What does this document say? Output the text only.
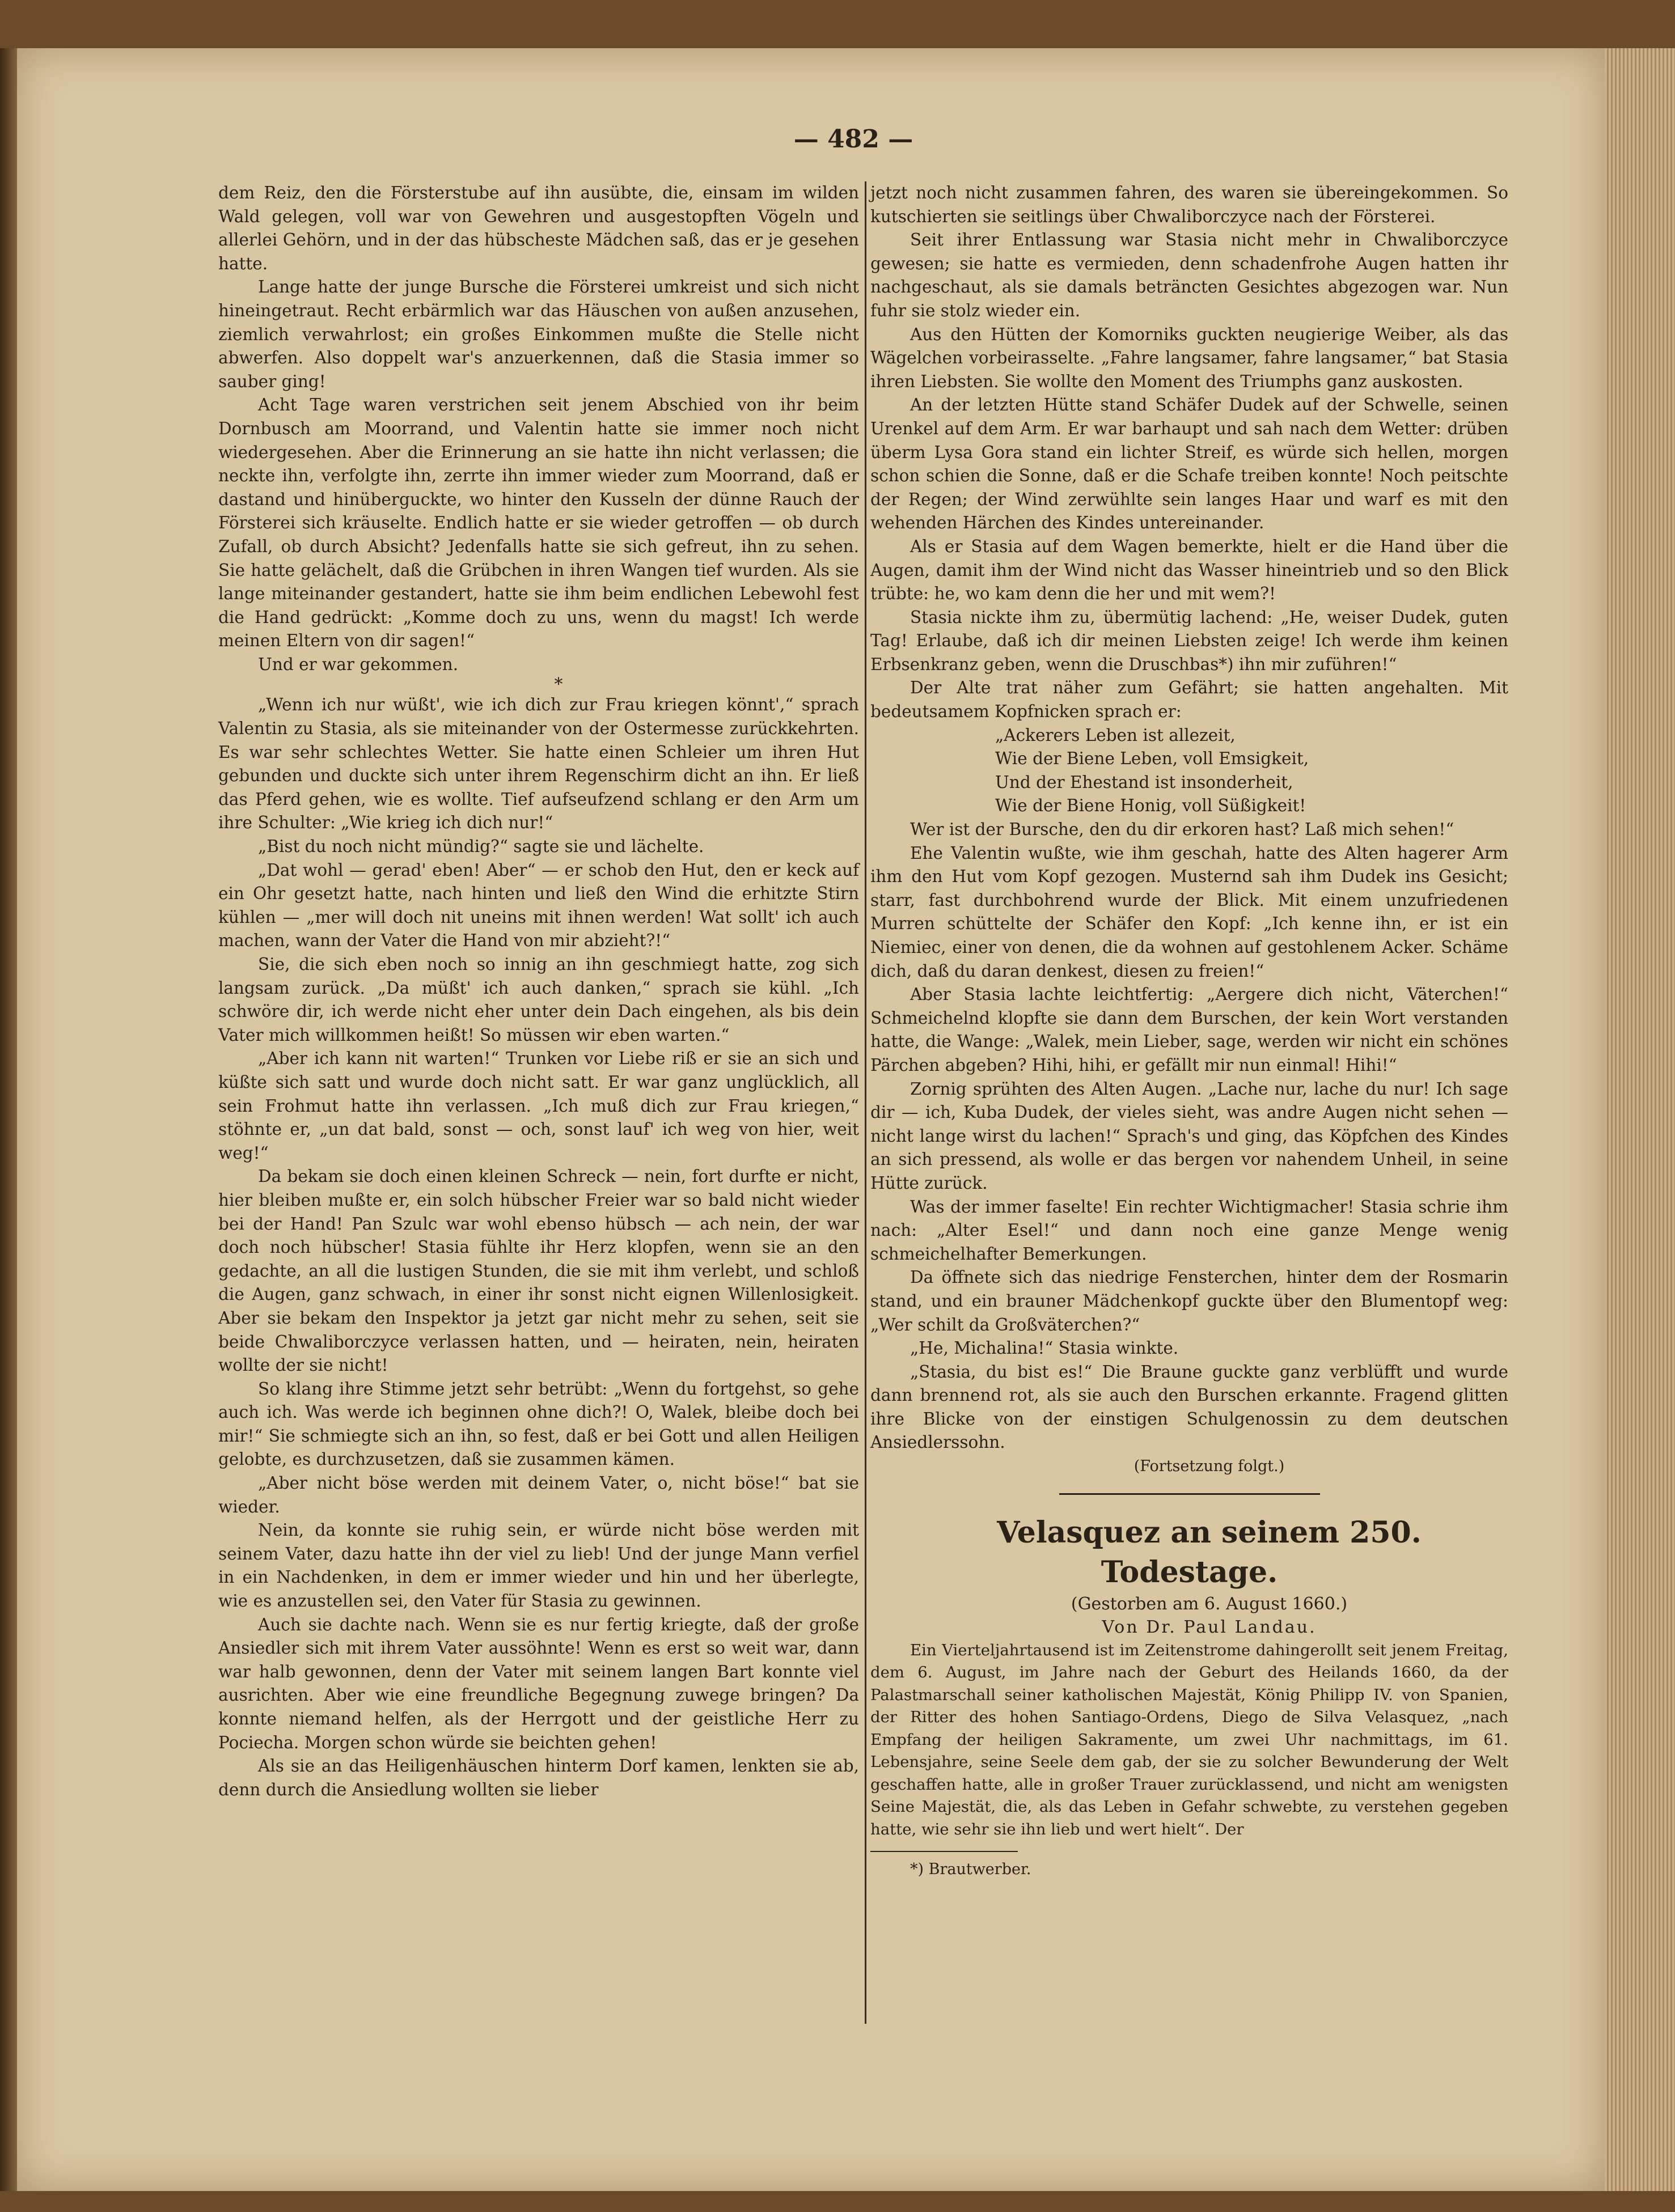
— 482 —

dem Reiz, den die Försterstube auf ihn ausübte, die, einsam im wilden Wald gelegen, voll war von Gewehren und ausgestopften Vögeln und allerlei Gehörn, und in der das hübscheste Mädchen saß, das er je gesehen hatte.

Lange hatte der junge Bursche die Försterei umkreist und sich nicht hineingetraut. Recht erbärmlich war das Häuschen von außen anzusehen, ziemlich verwahrlost; ein großes Einkommen mußte die Stelle nicht abwerfen. Also doppelt war's anzuerkennen, daß die Stasia immer so sauber ging!

Acht Tage waren verstrichen seit jenem Abschied von ihr beim Dornbusch am Moorrand, und Valentin hatte sie immer noch nicht wiedergesehen. Aber die Erinnerung an sie hatte ihn nicht verlassen; die neckte ihn, verfolgte ihn, zerrte ihn immer wieder zum Moorrand, daß er dastand und hinüberguckte, wo hinter den Kusseln der dünne Rauch der Försterei sich kräuselte. Endlich hatte er sie wieder getroffen — ob durch Zufall, ob durch Absicht? Jedenfalls hatte sie sich gefreut, ihn zu sehen. Sie hatte gelächelt, daß die Grübchen in ihren Wangen tief wurden. Als sie lange miteinander gestandert, hatte sie ihm beim endlichen Lebewohl fest die Hand gedrückt: „Komme doch zu uns, wenn du magst! Ich werde meinen Eltern von dir sagen!“

Und er war gekommen.

*

„Wenn ich nur wüßt', wie ich dich zur Frau kriegen könnt',“ sprach Valentin zu Stasia, als sie miteinander von der Ostermesse zurückkehrten. Es war sehr schlechtes Wetter. Sie hatte einen Schleier um ihren Hut gebunden und duckte sich unter ihrem Regenschirm dicht an ihn. Er ließ das Pferd gehen, wie es wollte. Tief aufseufzend schlang er den Arm um ihre Schulter: „Wie krieg ich dich nur!“

„Bist du noch nicht mündig?“ sagte sie und lächelte.

„Dat wohl — gerad' eben! Aber“ — er schob den Hut, den er keck auf ein Ohr gesetzt hatte, nach hinten und ließ den Wind die erhitzte Stirn kühlen — „mer will doch nit uneins mit ihnen werden! Wat sollt' ich auch machen, wann der Vater die Hand von mir abzieht?!“

Sie, die sich eben noch so innig an ihn geschmiegt hatte, zog sich langsam zurück. „Da müßt' ich auch danken,“ sprach sie kühl. „Ich schwöre dir, ich werde nicht eher unter dein Dach eingehen, als bis dein Vater mich willkommen heißt! So müssen wir eben warten.“

„Aber ich kann nit warten!“ Trunken vor Liebe riß er sie an sich und küßte sich satt und wurde doch nicht satt. Er war ganz unglücklich, all sein Frohmut hatte ihn verlassen. „Ich muß dich zur Frau kriegen,“ stöhnte er, „un dat bald, sonst — och, sonst lauf' ich weg von hier, weit weg!“

Da bekam sie doch einen kleinen Schreck — nein, fort durfte er nicht, hier bleiben mußte er, ein solch hübscher Freier war so bald nicht wieder bei der Hand! Pan Szulc war wohl ebenso hübsch — ach nein, der war doch noch hübscher! Stasia fühlte ihr Herz klopfen, wenn sie an den gedachte, an all die lustigen Stunden, die sie mit ihm verlebt, und schloß die Augen, ganz schwach, in einer ihr sonst nicht eignen Willenlosigkeit. Aber sie bekam den Inspektor ja jetzt gar nicht mehr zu sehen, seit sie beide Chwaliborczyce verlassen hatten, und — heiraten, nein, heiraten wollte der sie nicht!

So klang ihre Stimme jetzt sehr betrübt: „Wenn du fortgehst, so gehe auch ich. Was werde ich beginnen ohne dich?! O, Walek, bleibe doch bei mir!“ Sie schmiegte sich an ihn, so fest, daß er bei Gott und allen Heiligen gelobte, es durchzusetzen, daß sie zusammen kämen.

„Aber nicht böse werden mit deinem Vater, o, nicht böse!“ bat sie wieder.

Nein, da konnte sie ruhig sein, er würde nicht böse werden mit seinem Vater, dazu hatte ihn der viel zu lieb! Und der junge Mann verfiel in ein Nachdenken, in dem er immer wieder und hin und her überlegte, wie es anzustellen sei, den Vater für Stasia zu gewinnen.

Auch sie dachte nach. Wenn sie es nur fertig kriegte, daß der große Ansiedler sich mit ihrem Vater aussöhnte! Wenn es erst so weit war, dann war halb gewonnen, denn der Vater mit seinem langen Bart konnte viel ausrichten. Aber wie eine freundliche Begegnung zuwege bringen? Da konnte niemand helfen, als der Herrgott und der geistliche Herr zu Pociecha. Morgen schon würde sie beichten gehen!

Als sie an das Heiligenhäuschen hinterm Dorf kamen, lenkten sie ab, denn durch die Ansiedlung wollten sie lieber

jetzt noch nicht zusammen fahren, des waren sie übereingekommen. So kutschierten sie seitlings über Chwaliborczyce nach der Försterei.

Seit ihrer Entlassung war Stasia nicht mehr in Chwaliborczyce gewesen; sie hatte es vermieden, denn schadenfrohe Augen hatten ihr nachgeschaut, als sie damals beträncten Gesichtes abgezogen war. Nun fuhr sie stolz wieder ein.

Aus den Hütten der Komorniks guckten neugierige Weiber, als das Wägelchen vorbeirasselte. „Fahre langsamer, fahre langsamer,“ bat Stasia ihren Liebsten. Sie wollte den Moment des Triumphs ganz auskosten.

An der letzten Hütte stand Schäfer Dudek auf der Schwelle, seinen Urenkel auf dem Arm. Er war barhaupt und sah nach dem Wetter: drüben überm Lysa Gora stand ein lichter Streif, es würde sich hellen, morgen schon schien die Sonne, daß er die Schafe treiben konnte! Noch peitschte der Regen; der Wind zerwühlte sein langes Haar und warf es mit den wehenden Härchen des Kindes untereinander.

Als er Stasia auf dem Wagen bemerkte, hielt er die Hand über die Augen, damit ihm der Wind nicht das Wasser hineintrieb und so den Blick trübte: he, wo kam denn die her und mit wem?!

Stasia nickte ihm zu, übermütig lachend: „He, weiser Dudek, guten Tag! Erlaube, daß ich dir meinen Liebsten zeige! Ich werde ihm keinen Erbsenkranz geben, wenn die Druschbas*) ihn mir zuführen!“

Der Alte trat näher zum Gefährt; sie hatten angehalten. Mit bedeutsamem Kopfnicken sprach er:

„Ackerers Leben ist allezeit,

Wie der Biene Leben, voll Emsigkeit,

Und der Ehestand ist insonderheit,

Wie der Biene Honig, voll Süßigkeit!

Wer ist der Bursche, den du dir erkoren hast? Laß mich sehen!“

Ehe Valentin wußte, wie ihm geschah, hatte des Alten hagerer Arm ihm den Hut vom Kopf gezogen. Musternd sah ihm Dudek ins Gesicht; starr, fast durchbohrend wurde der Blick. Mit einem unzufriedenen Murren schüttelte der Schäfer den Kopf: „Ich kenne ihn, er ist ein Niemiec, einer von denen, die da wohnen auf gestohlenem Acker. Schäme dich, daß du daran denkest, diesen zu freien!“

Aber Stasia lachte leichtfertig: „Aergere dich nicht, Väterchen!“ Schmeichelnd klopfte sie dann dem Burschen, der kein Wort verstanden hatte, die Wange: „Walek, mein Lieber, sage, werden wir nicht ein schönes Pärchen abgeben? Hihi, hihi, er gefällt mir nun einmal! Hihi!“

Zornig sprühten des Alten Augen. „Lache nur, lache du nur! Ich sage dir — ich, Kuba Dudek, der vieles sieht, was andre Augen nicht sehen — nicht lange wirst du lachen!“ Sprach's und ging, das Köpfchen des Kindes an sich pressend, als wolle er das bergen vor nahendem Unheil, in seine Hütte zurück.

Was der immer faselte! Ein rechter Wichtigmacher! Stasia schrie ihm nach: „Alter Esel!“ und dann noch eine ganze Menge wenig schmeichelhafter Bemerkungen.

Da öffnete sich das niedrige Fensterchen, hinter dem der Rosmarin stand, und ein brauner Mädchenkopf guckte über den Blumentopf weg: „Wer schilt da Großväterchen?“

„He, Michalina!“ Stasia winkte.

„Stasia, du bist es!“ Die Braune guckte ganz verblüfft und wurde dann brennend rot, als sie auch den Burschen erkannte. Fragend glitten ihre Blicke von der einstigen Schulgenossin zu dem deutschen Ansiedlerssohn.

(Fortsetzung folgt.)

Velasquez an seinem 250. Todestage.

(Gestorben am 6. August 1660.)

Von Dr. Paul Landau.

Ein Vierteljahrtausend ist im Zeitenstrome dahingerollt seit jenem Freitag, dem 6. August, im Jahre nach der Geburt des Heilands 1660, da der Palastmarschall seiner katholischen Majestät, König Philipp IV. von Spanien, der Ritter des hohen Santiago-Ordens, Diego de Silva Velasquez, „nach Empfang der heiligen Sakramente, um zwei Uhr nachmittags, im 61. Lebensjahre, seine Seele dem gab, der sie zu solcher Bewunderung der Welt geschaffen hatte, alle in großer Trauer zurücklassend, und nicht am wenigsten Seine Majestät, die, als das Leben in Gefahr schwebte, zu verstehen gegeben hatte, wie sehr sie ihn lieb und wert hielt“. Der

*) Brautwerber.
